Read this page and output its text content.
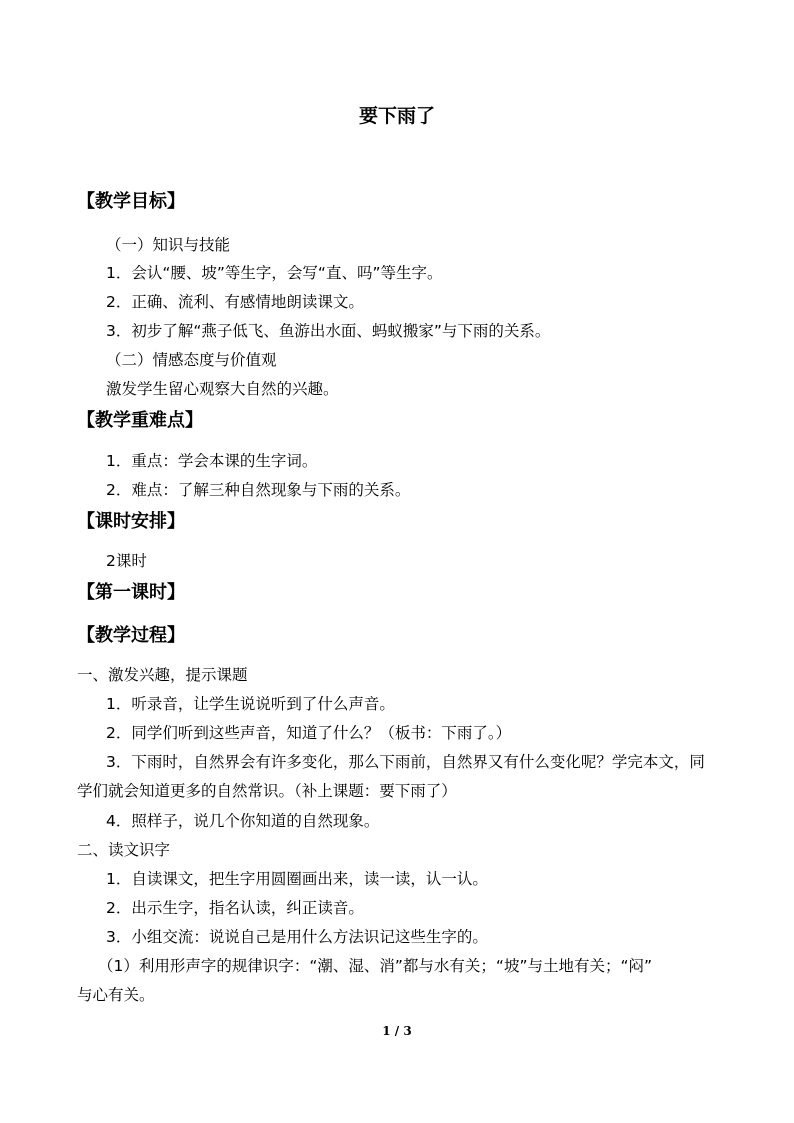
要下雨了
【教学目标】
（一）知识与技能
1．会认“腰、坡”等生字，会写“直、吗”等生字。
2．正确、流利、有感情地朗读课文。
3．初步了解“燕子低飞、鱼游出水面、蚂蚁搬家”与下雨的关系。
（二）情感态度与价值观
激发学生留心观察大自然的兴趣。
【教学重难点】
1．重点：学会本课的生字词。
2．难点：了解三种自然现象与下雨的关系。
【课时安排】
2课时
【第一课时】
【教学过程】
一、激发兴趣，提示课题
1．听录音，让学生说说听到了什么声音。
2．同学们听到这些声音，知道了什么？（板书：下雨了。）
3．下雨时，自然界会有许多变化，那么下雨前，自然界又有什么变化呢？学完本文，同
学们就会知道更多的自然常识。（补上课题：要下雨了）
4．照样子，说几个你知道的自然现象。
二、读文识字
1．自读课文，把生字用圆圈画出来，读一读，认一认。
2．出示生字，指名认读，纠正读音。
3．小组交流：说说自己是用什么方法识记这些生字的。
（1）利用形声字的规律识字：“潮、湿、消”都与水有关；“坡”与土地有关；“闷”
与心有关。
1 / 3
